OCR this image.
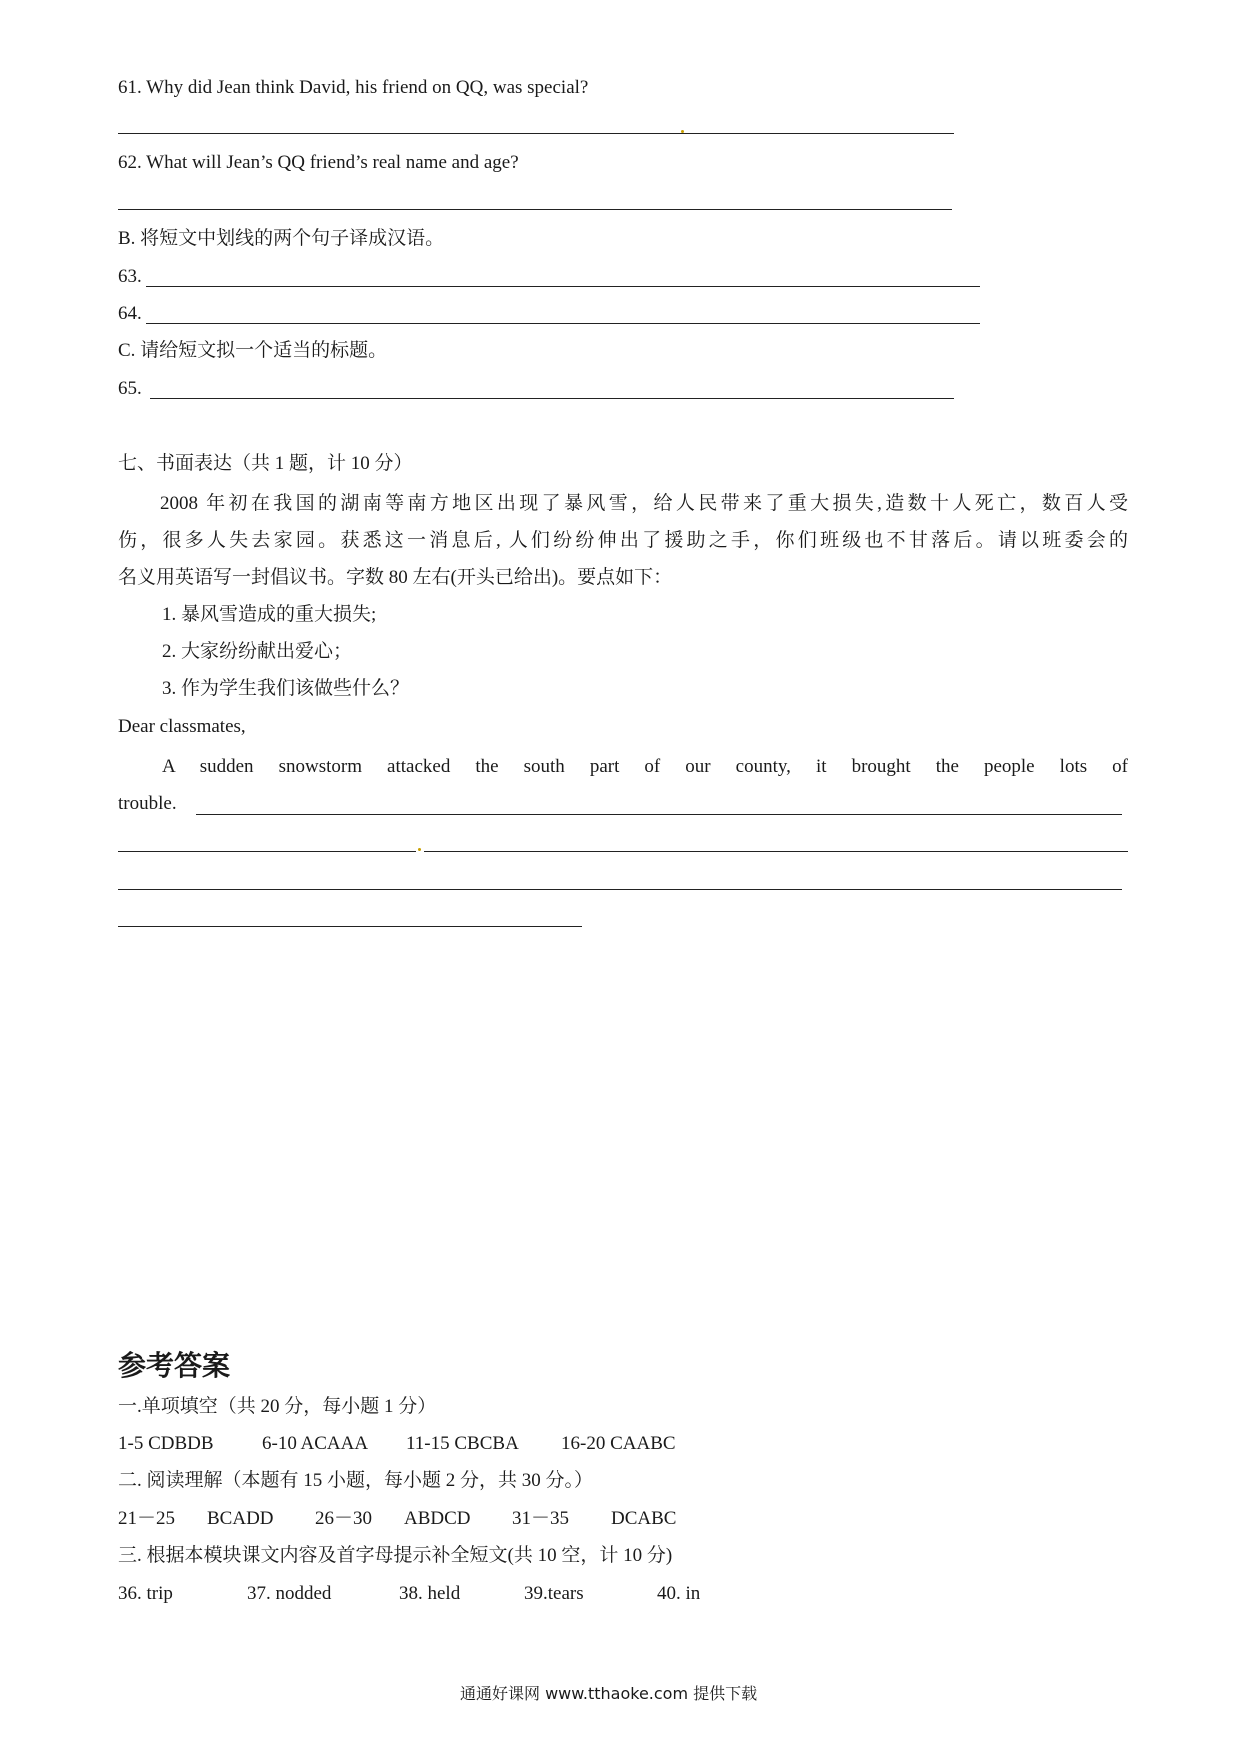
61. Why did Jean think David, his friend on QQ, was special?
62. What will Jean’s QQ friend’s real name and age?
B. 将短文中划线的两个句子译成汉语。
63.
64.
C. 请给短文拟一个适当的标题。
65.
七、书面表达（共 1 题，计 10 分）
2008 年初在我国的湖南等南方地区出现了暴风雪，给人民带来了重大损失,造数十人死亡，数百人受
伤，很多人失去家园。获悉这一消息后, 人们纷纷伸出了援助之手，你们班级也不甘落后。请以班委会的
名义用英语写一封倡议书。字数 80 左右(开头已给出)。要点如下：
1. 暴风雪造成的重大损失;
2. 大家纷纷献出爱心；
3. 作为学生我们该做些什么？
Dear classmates,
A sudden snowstorm attacked the south part of our county, it brought the people lots of
trouble.
参考答案
一.单项填空（共 20 分，每小题 1 分）
1-5 CDBDB	6-10 ACAAA 11-15 CBCBA 16-20 CAABC
二. 阅读理解（本题有 15 小题，每小题 2 分，共 30 分。）
21－25 BCADD 26－30 ABDCD 31－35 DCABC
三. 根据本模块课文内容及首字母提示补全短文(共 10 空，计 10 分)
36. trip	37. nodded	38. held	39.tears	40. in
通通好课网 www.tthaoke.com 提供下载
